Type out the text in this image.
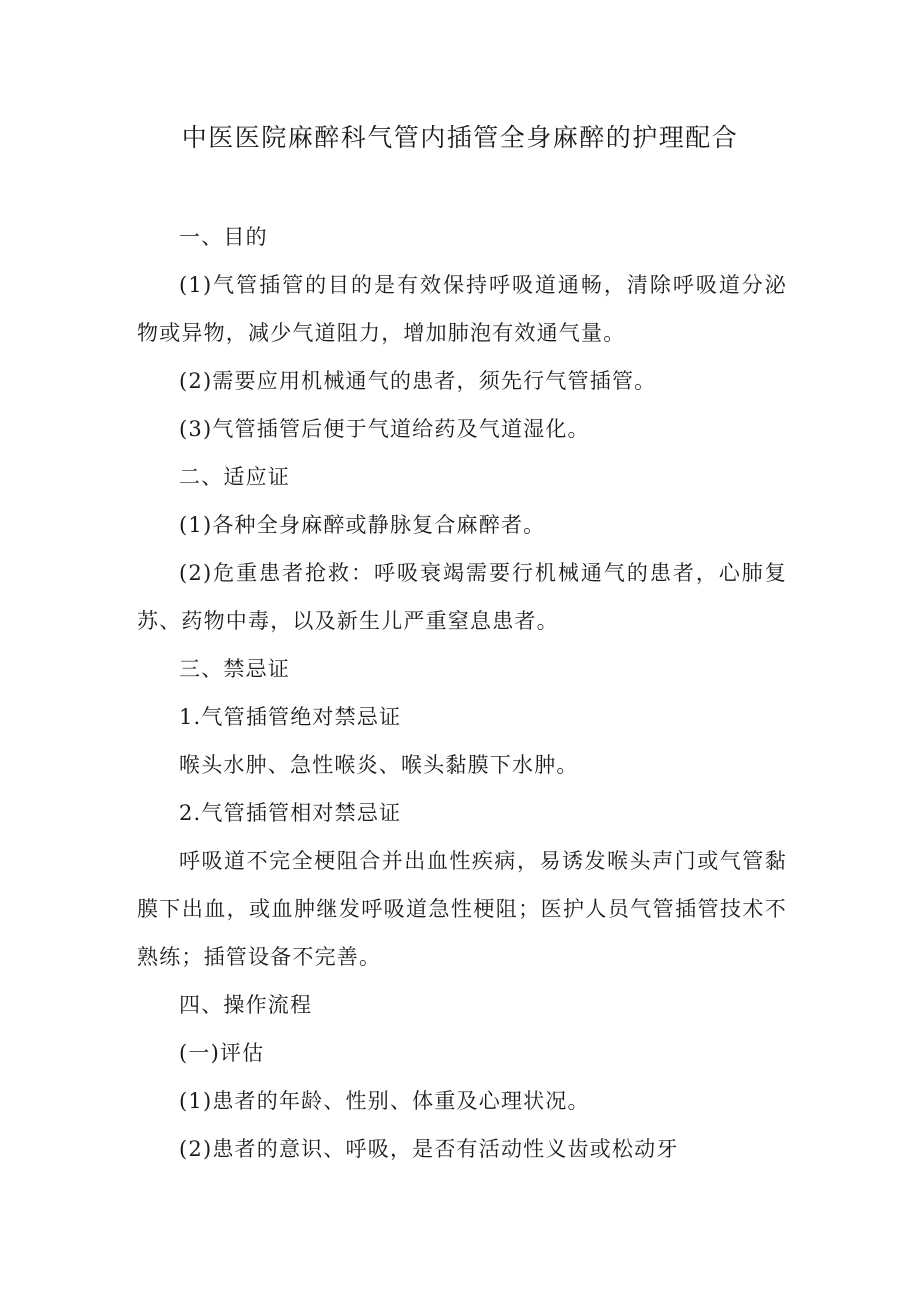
中医医院麻醉科气管内插管全身麻醉的护理配合

一、目的

(1)气管插管的目的是有效保持呼吸道通畅，清除呼吸道分泌物或异物，减少气道阻力，增加肺泡有效通气量。

(2)需要应用机械通气的患者，须先行气管插管。

(3)气管插管后便于气道给药及气道湿化。

二、适应证

(1)各种全身麻醉或静脉复合麻醉者。

(2)危重患者抢救：呼吸衰竭需要行机械通气的患者，心肺复苏、药物中毒，以及新生儿严重窒息患者。

三、禁忌证

1.气管插管绝对禁忌证

喉头水肿、急性喉炎、喉头黏膜下水肿。

2.气管插管相对禁忌证

呼吸道不完全梗阻合并出血性疾病，易诱发喉头声门或气管黏膜下出血，或血肿继发呼吸道急性梗阻；医护人员气管插管技术不熟练；插管设备不完善。

四、操作流程

(一)评估

(1)患者的年龄、性别、体重及心理状况。

(2)患者的意识、呼吸，是否有活动性义齿或松动牙
